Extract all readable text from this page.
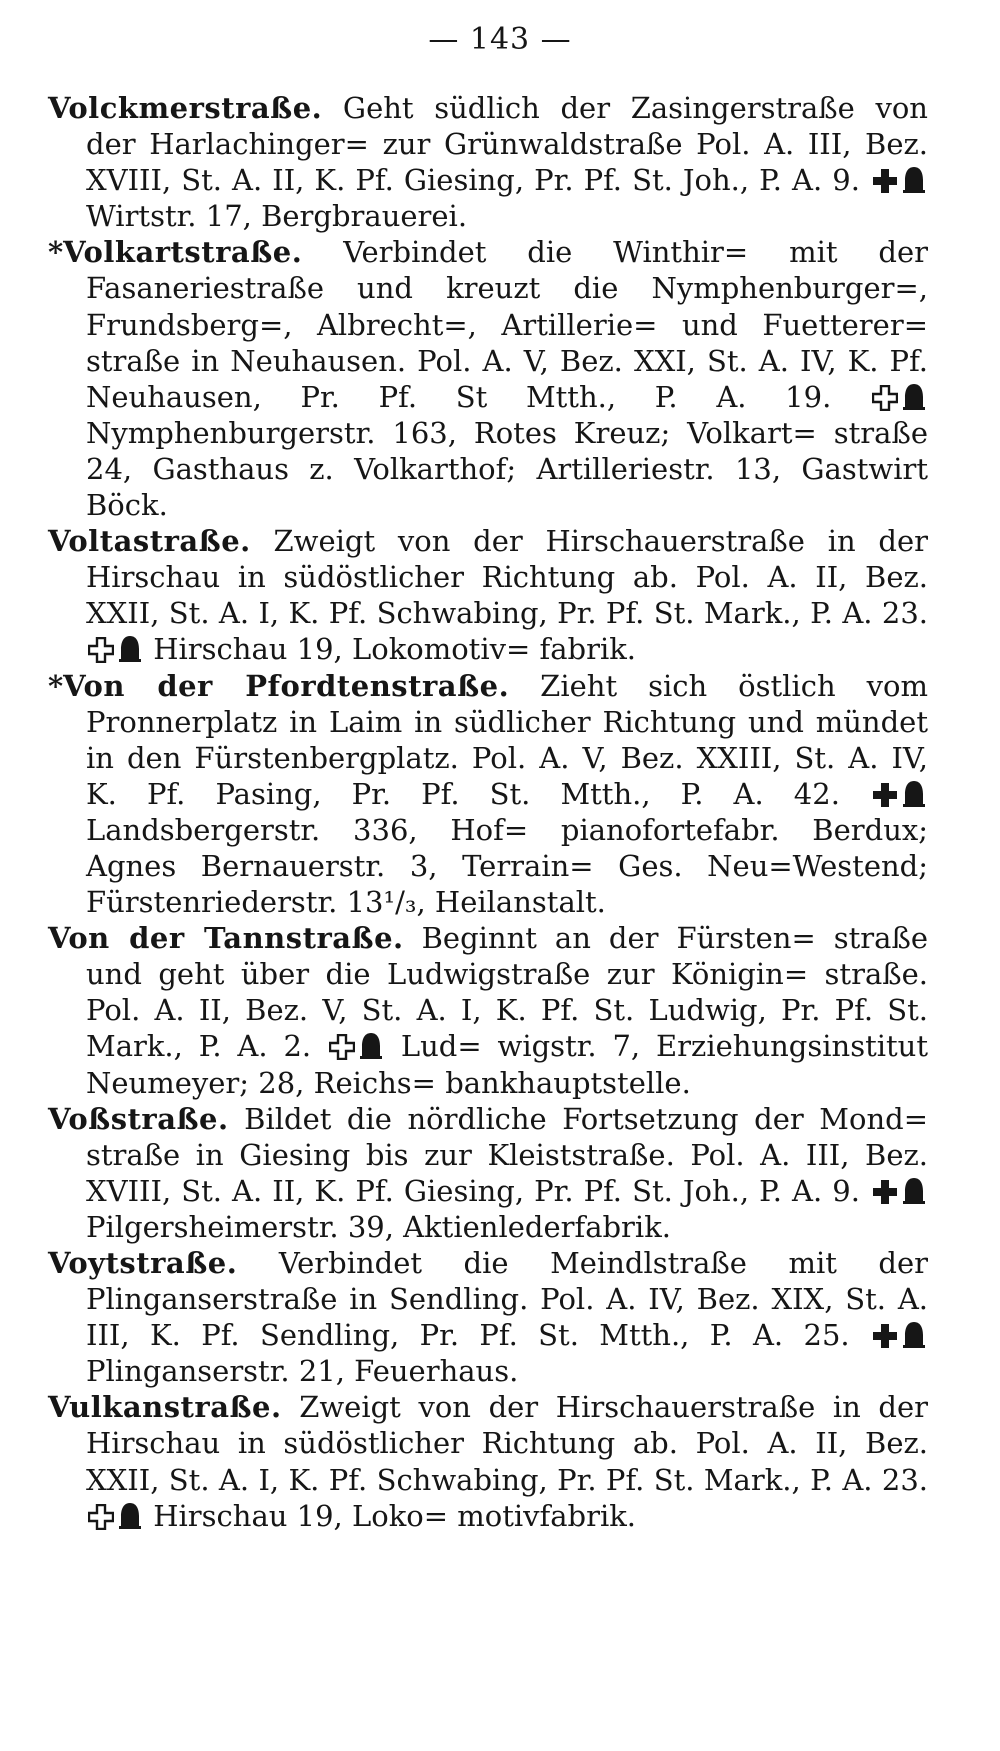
— 143 —

Volckmerstraße. Geht südlich der Zasingerstraße von der Harlachinger= zur Grünwaldstraße Pol. A. III, Bez. XVIII, St. A. II, K. Pf. Giesing, Pr. Pf. St. Joh., P. A. 9.
Wirtstr. 17, Bergbrauerei.

*Volkartstraße. Verbindet die Winthir= mit der Fasaneriestraße und kreuzt die Nymphenburger=, Frundsberg=, Albrecht=, Artillerie= und Fuetterer= straße in Neuhausen. Pol. A. V, Bez. XXI, St. A. IV, K. Pf. Neuhausen, Pr. Pf. St Mtth., P. A. 19.
Nymphenburgerstr. 163, Rotes Kreuz; Volkart= straße 24, Gasthaus z. Volkarthof; Artilleriestr. 13, Gastwirt Böck.

Voltastraße. Zweigt von der Hirschauerstraße in der Hirschau in südöstlicher Richtung ab. Pol. A. II, Bez. XXII, St. A. I, K. Pf. Schwabing, Pr. Pf. St. Mark., P. A. 23.
Hirschau 19, Lokomotiv= fabrik.

*Von der Pfordtenstraße. Zieht sich östlich vom Pronnerplatz in Laim in südlicher Richtung und mündet in den Fürstenbergplatz. Pol. A. V, Bez. XXIII, St. A. IV, K. Pf. Pasing, Pr. Pf. St. Mtth., P. A. 42.
Landsbergerstr. 336, Hof= pianofortefabr. Berdux; Agnes Bernauerstr. 3, Terrain= Ges. Neu=Westend; Fürstenriederstr. 13¹/₃, Heilanstalt.

Von der Tannstraße. Beginnt an der Fürsten= straße und geht über die Ludwigstraße zur Königin= straße. Pol. A. II, Bez. V, St. A. I, K. Pf. St. Ludwig, Pr. Pf. St. Mark., P. A. 2.
Lud= wigstr. 7, Erziehungsinstitut Neumeyer; 28, Reichs= bankhauptstelle.

Voßstraße. Bildet die nördliche Fortsetzung der Mond= straße in Giesing bis zur Kleiststraße. Pol. A. III, Bez. XVIII, St. A. II, K. Pf. Giesing, Pr. Pf. St. Joh., P. A. 9.
Pilgersheimerstr. 39, Aktienlederfabrik.

Voytstraße. Verbindet die Meindlstraße mit der Plinganserstraße in Sendling. Pol. A. IV, Bez. XIX, St. A. III, K. Pf. Sendling, Pr. Pf. St. Mtth., P. A. 25.
Plinganserstr. 21, Feuerhaus.

Vulkanstraße. Zweigt von der Hirschauerstraße in der Hirschau in südöstlicher Richtung ab. Pol. A. II, Bez. XXII, St. A. I, K. Pf. Schwabing, Pr. Pf. St. Mark., P. A. 23.
Hirschau 19, Loko= motivfabrik.
